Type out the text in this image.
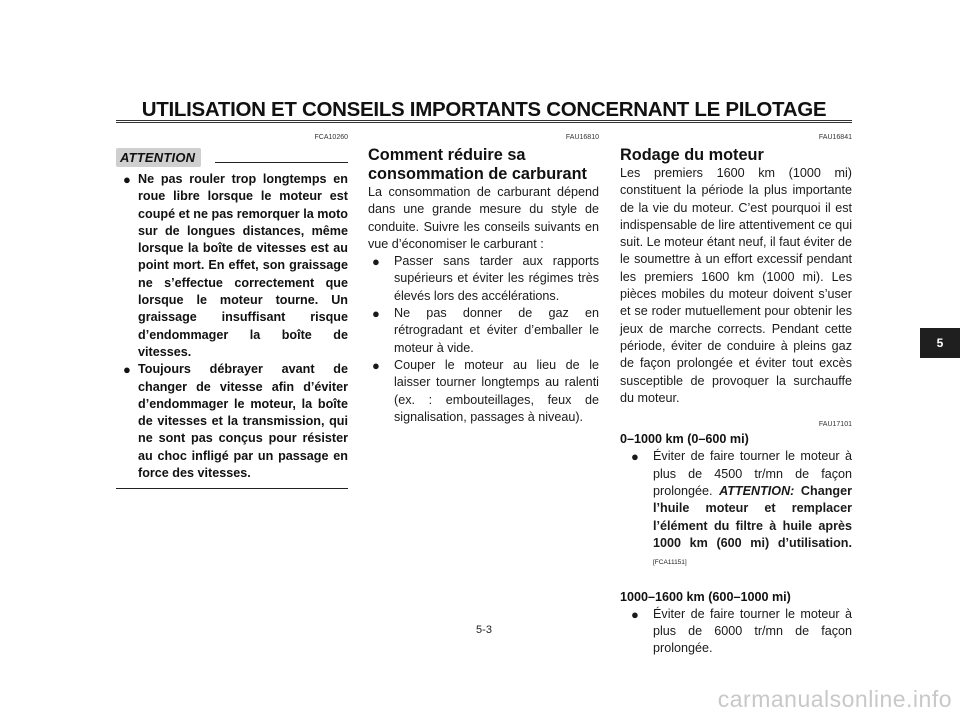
UTILISATION ET CONSEILS IMPORTANTS CONCERNANT LE PILOTAGE
FCA10260
ATTENTION
● Ne pas rouler trop longtemps en roue libre lorsque le moteur est coupé et ne pas remorquer la moto sur de longues distances, même lorsque la boîte de vitesses est au point mort. En effet, son graissage ne s’effectue correctement que lorsque le moteur tourne. Un graissage insuffisant risque d’endommager la boîte de vitesses.
● Toujours débrayer avant de changer de vitesse afin d’éviter d’endommager le moteur, la boîte de vitesses et la transmission, qui ne sont pas conçus pour résister au choc infligé par un passage en force des vitesses.
FAU16810
Comment réduire sa consommation de carburant

La consommation de carburant dépend dans une grande mesure du style de conduite. Suivre les conseils suivants en vue d’économiser le carburant :

● Passer sans tarder aux rapports supérieurs et éviter les régimes très élevés lors des accélérations.
● Ne pas donner de gaz en rétrogradant et éviter d’emballer le moteur à vide.
● Couper le moteur au lieu de le laisser tourner longtemps au ralenti (ex. : embouteillages, feux de signalisation, passages à niveau).
FAU16841
Rodage du moteur

Les premiers 1600 km (1000 mi) constituent la période la plus importante de la vie du moteur. C’est pourquoi il est indispensable de lire attentivement ce qui suit. Le moteur étant neuf, il faut éviter de le soumettre à un effort excessif pendant les premiers 1600 km (1000 mi). Les pièces mobiles du moteur doivent s’user et se roder mutuellement pour obtenir les jeux de marche corrects. Pendant cette période, éviter de conduire à pleins gaz de façon prolongée et éviter tout excès susceptible de provoquer la surchauffe du moteur.

FAU17101
0–1000 km (0–600 mi)
● Éviter de faire tourner le moteur à plus de 4500 tr/mn de façon prolongée. ATTENTION: Changer l’huile moteur et remplacer l’élément du filtre à huile après 1000 km (600 mi) d’utilisation. [FCA11151]
1000–1600 km (600–1000 mi)
● Éviter de faire tourner le moteur à plus de 6000 tr/mn de façon prolongée.
5
5-3
carmanualsonline.info
